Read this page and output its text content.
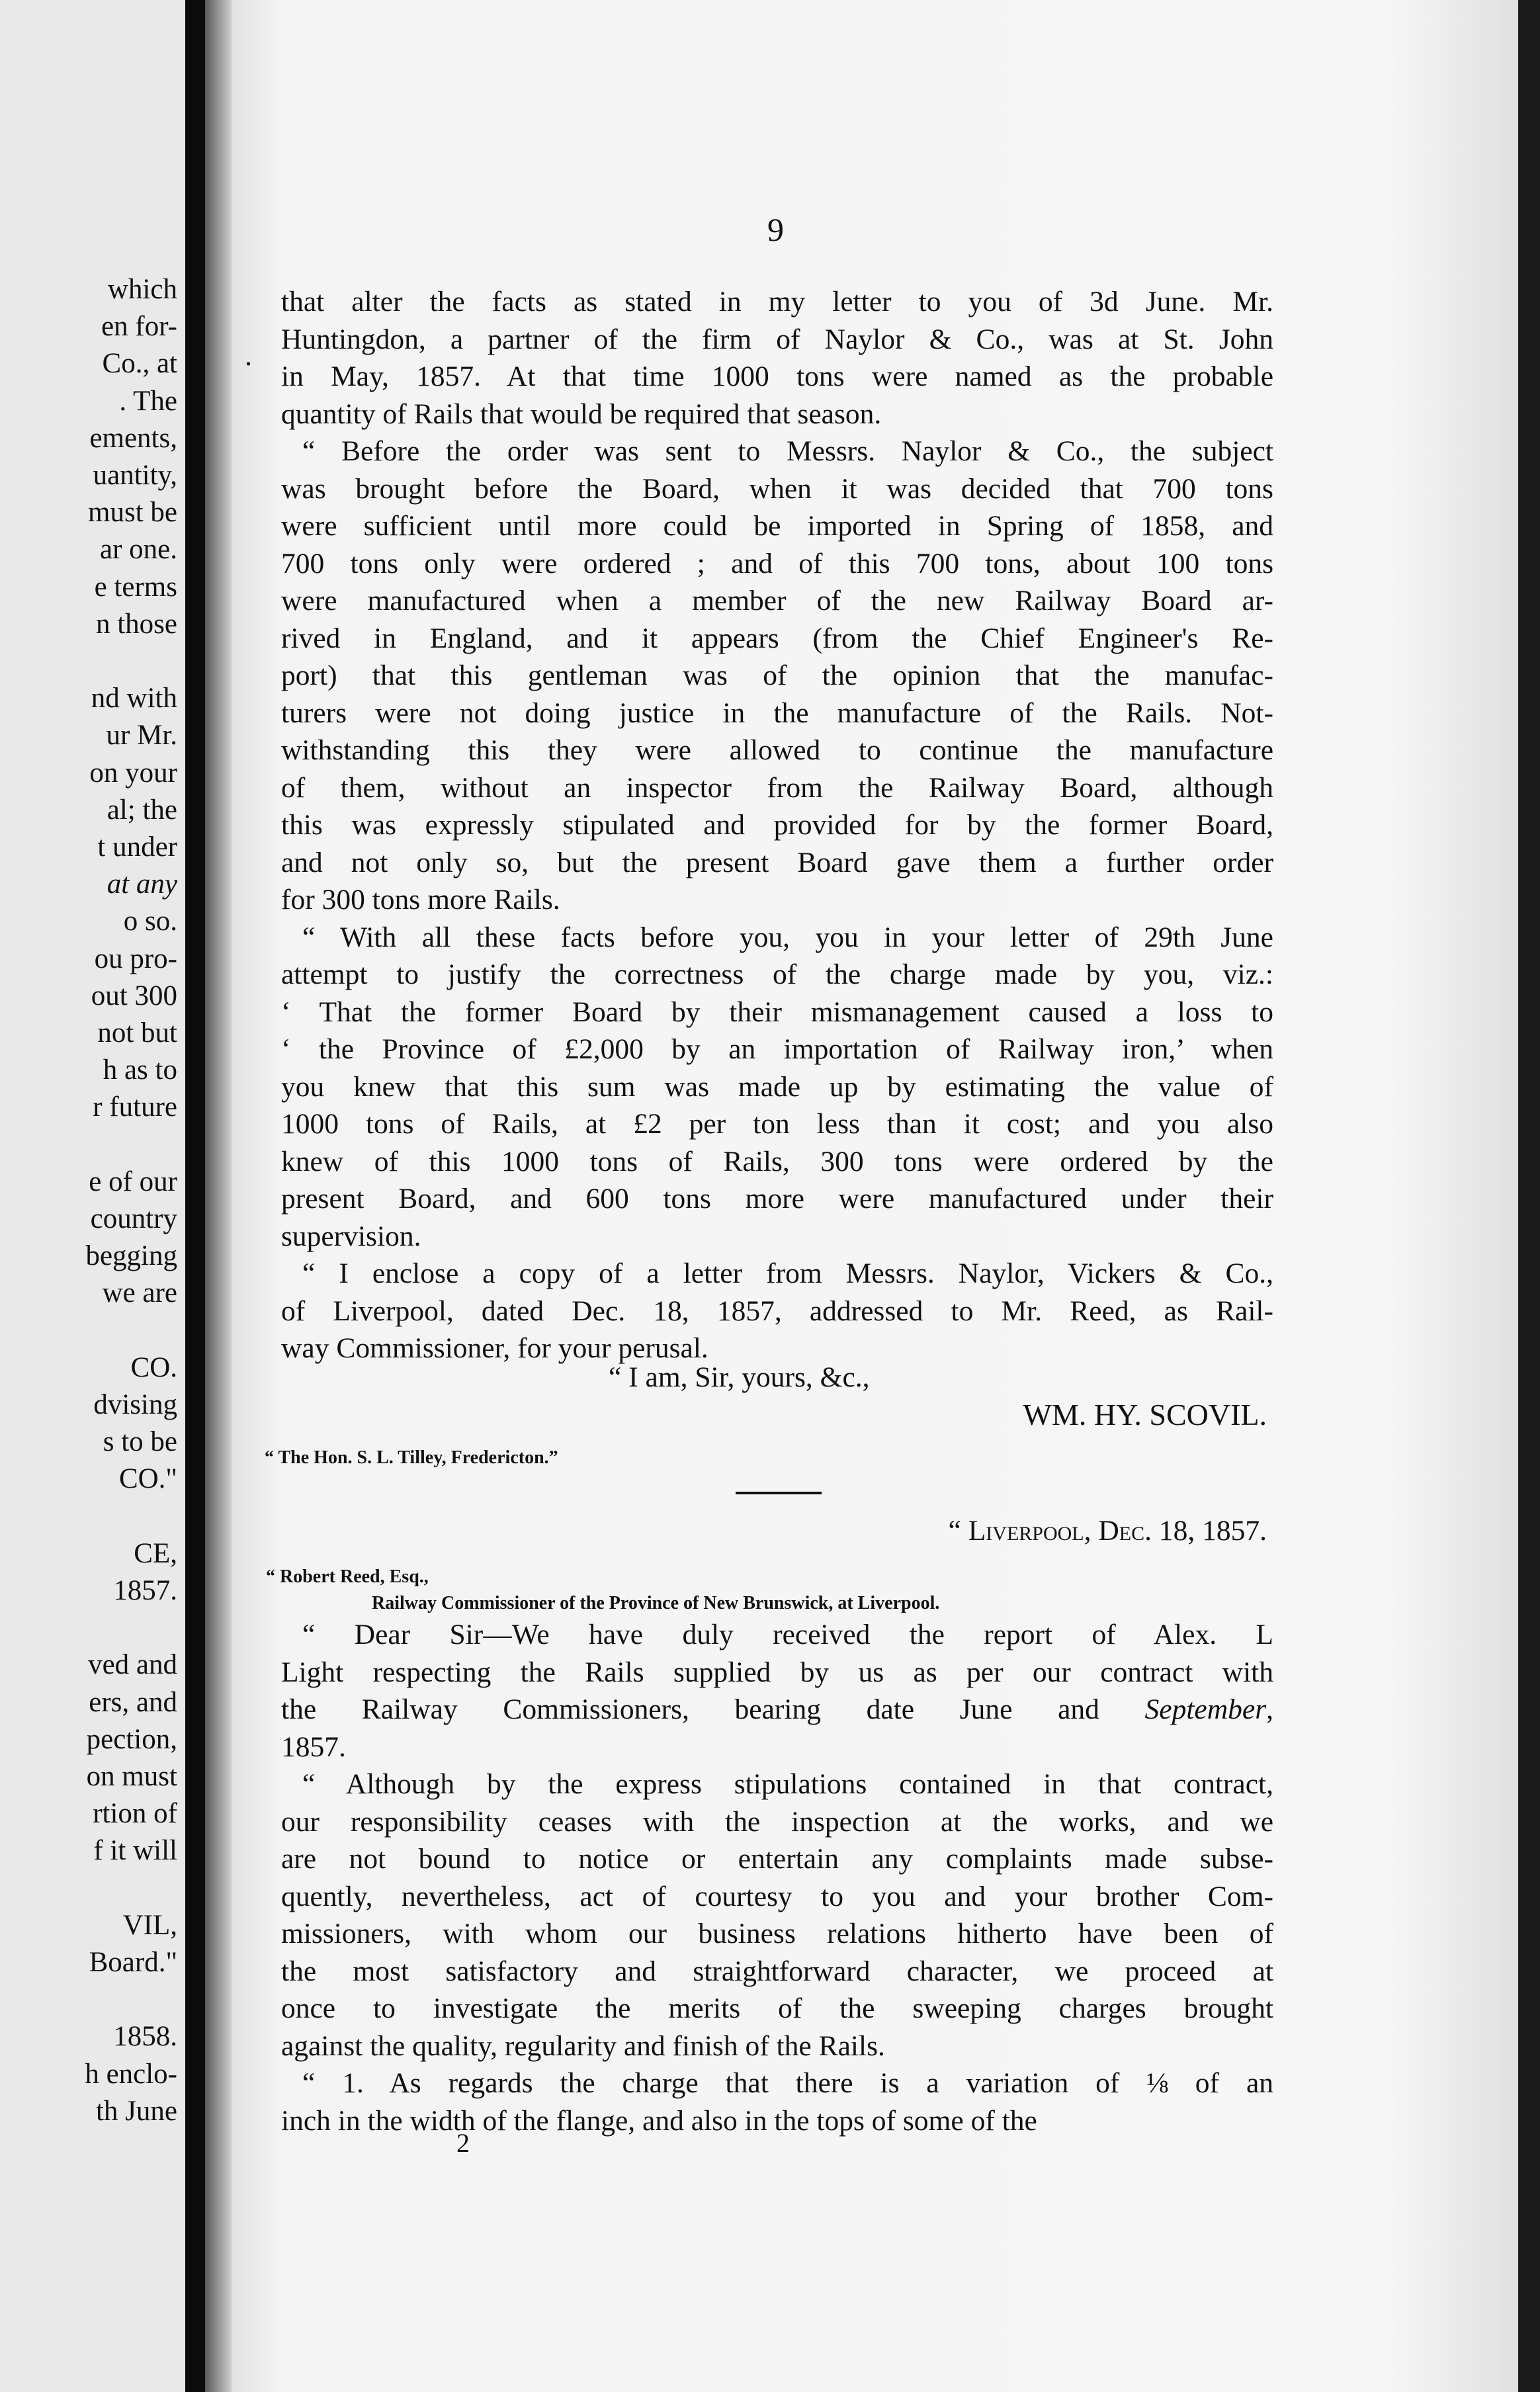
which
en for-
Co., at
. The
ements,
uantity,
must be
ar one.
e terms
n those
nd with
ur Mr.
on your
al; the
t under
at any
o so.
ou pro-
out 300
not but
h as to
r future
e of our
country
begging
we are
CO.
dvising
s to be
CO."
CE,
1857.
ved and
ers, and
pection,
on must
rtion of
f it will
VIL,
Board."
1858.
h enclo-
th June
9
.

that alter the facts as stated in my letter to you of 3d June. Mr.

Huntingdon, a partner of the firm of Naylor & Co., was at St. John

in May, 1857. At that time 1000 tons were named as the probable

quantity of Rails that would be required that season.

“ Before the order was sent to Messrs. Naylor & Co., the subject

was brought before the Board, when it was decided that 700 tons

were sufficient until more could be imported in Spring of 1858, and

700 tons only were ordered ; and of this 700 tons, about 100 tons

were manufactured when a member of the new Railway Board ar-

rived in England, and it appears (from the Chief Engineer's Re-

port) that this gentleman was of the opinion that the manufac-

turers were not doing justice in the manufacture of the Rails. Not-

withstanding this they were allowed to continue the manufacture

of them, without an inspector from the Railway Board, although

this was expressly stipulated and provided for by the former Board,

and not only so, but the present Board gave them a further order

for 300 tons more Rails.

“ With all these facts before you, you in your letter of 29th June

attempt to justify the correctness of the charge made by you, viz.:

‘ That the former Board by their mismanagement caused a loss to

‘ the Province of £2,000 by an importation of Railway iron,’ when

you knew that this sum was made up by estimating the value of

1000 tons of Rails, at £2 per ton less than it cost; and you also

knew of this 1000 tons of Rails, 300 tons were ordered by the

present Board, and 600 tons more were manufactured under their

supervision.

“ I enclose a copy of a letter from Messrs. Naylor, Vickers & Co.,

of Liverpool, dated Dec. 18, 1857, addressed to Mr. Reed, as Rail-

way Commissioner, for your perusal.

“ I am, Sir, yours, &c.,

WM. HY. SCOVIL.

“ The Hon. S. L. Tilley, Fredericton.”

“ Liverpool, Dec. 18, 1857.

“ Robert Reed, Esq.,
Railway Commissioner of the Province of New Brunswick, at Liverpool.

“ Dear Sir—We have duly received the report of Alex. L

Light respecting the Rails supplied by us as per our contract with

the Railway Commissioners, bearing date June and September,

1857.

“ Although by the express stipulations contained in that contract,

our responsibility ceases with the inspection at the works, and we

are not bound to notice or entertain any complaints made subse-

quently, nevertheless, act of courtesy to you and your brother Com-

missioners, with whom our business relations hitherto have been of

the most satisfactory and straightforward character, we proceed at

once to investigate the merits of the sweeping charges brought

against the quality, regularity and finish of the Rails.

“ 1. As regards the charge that there is a variation of ⅛ of an

inch in the width of the flange, and also in the tops of some of the

2
